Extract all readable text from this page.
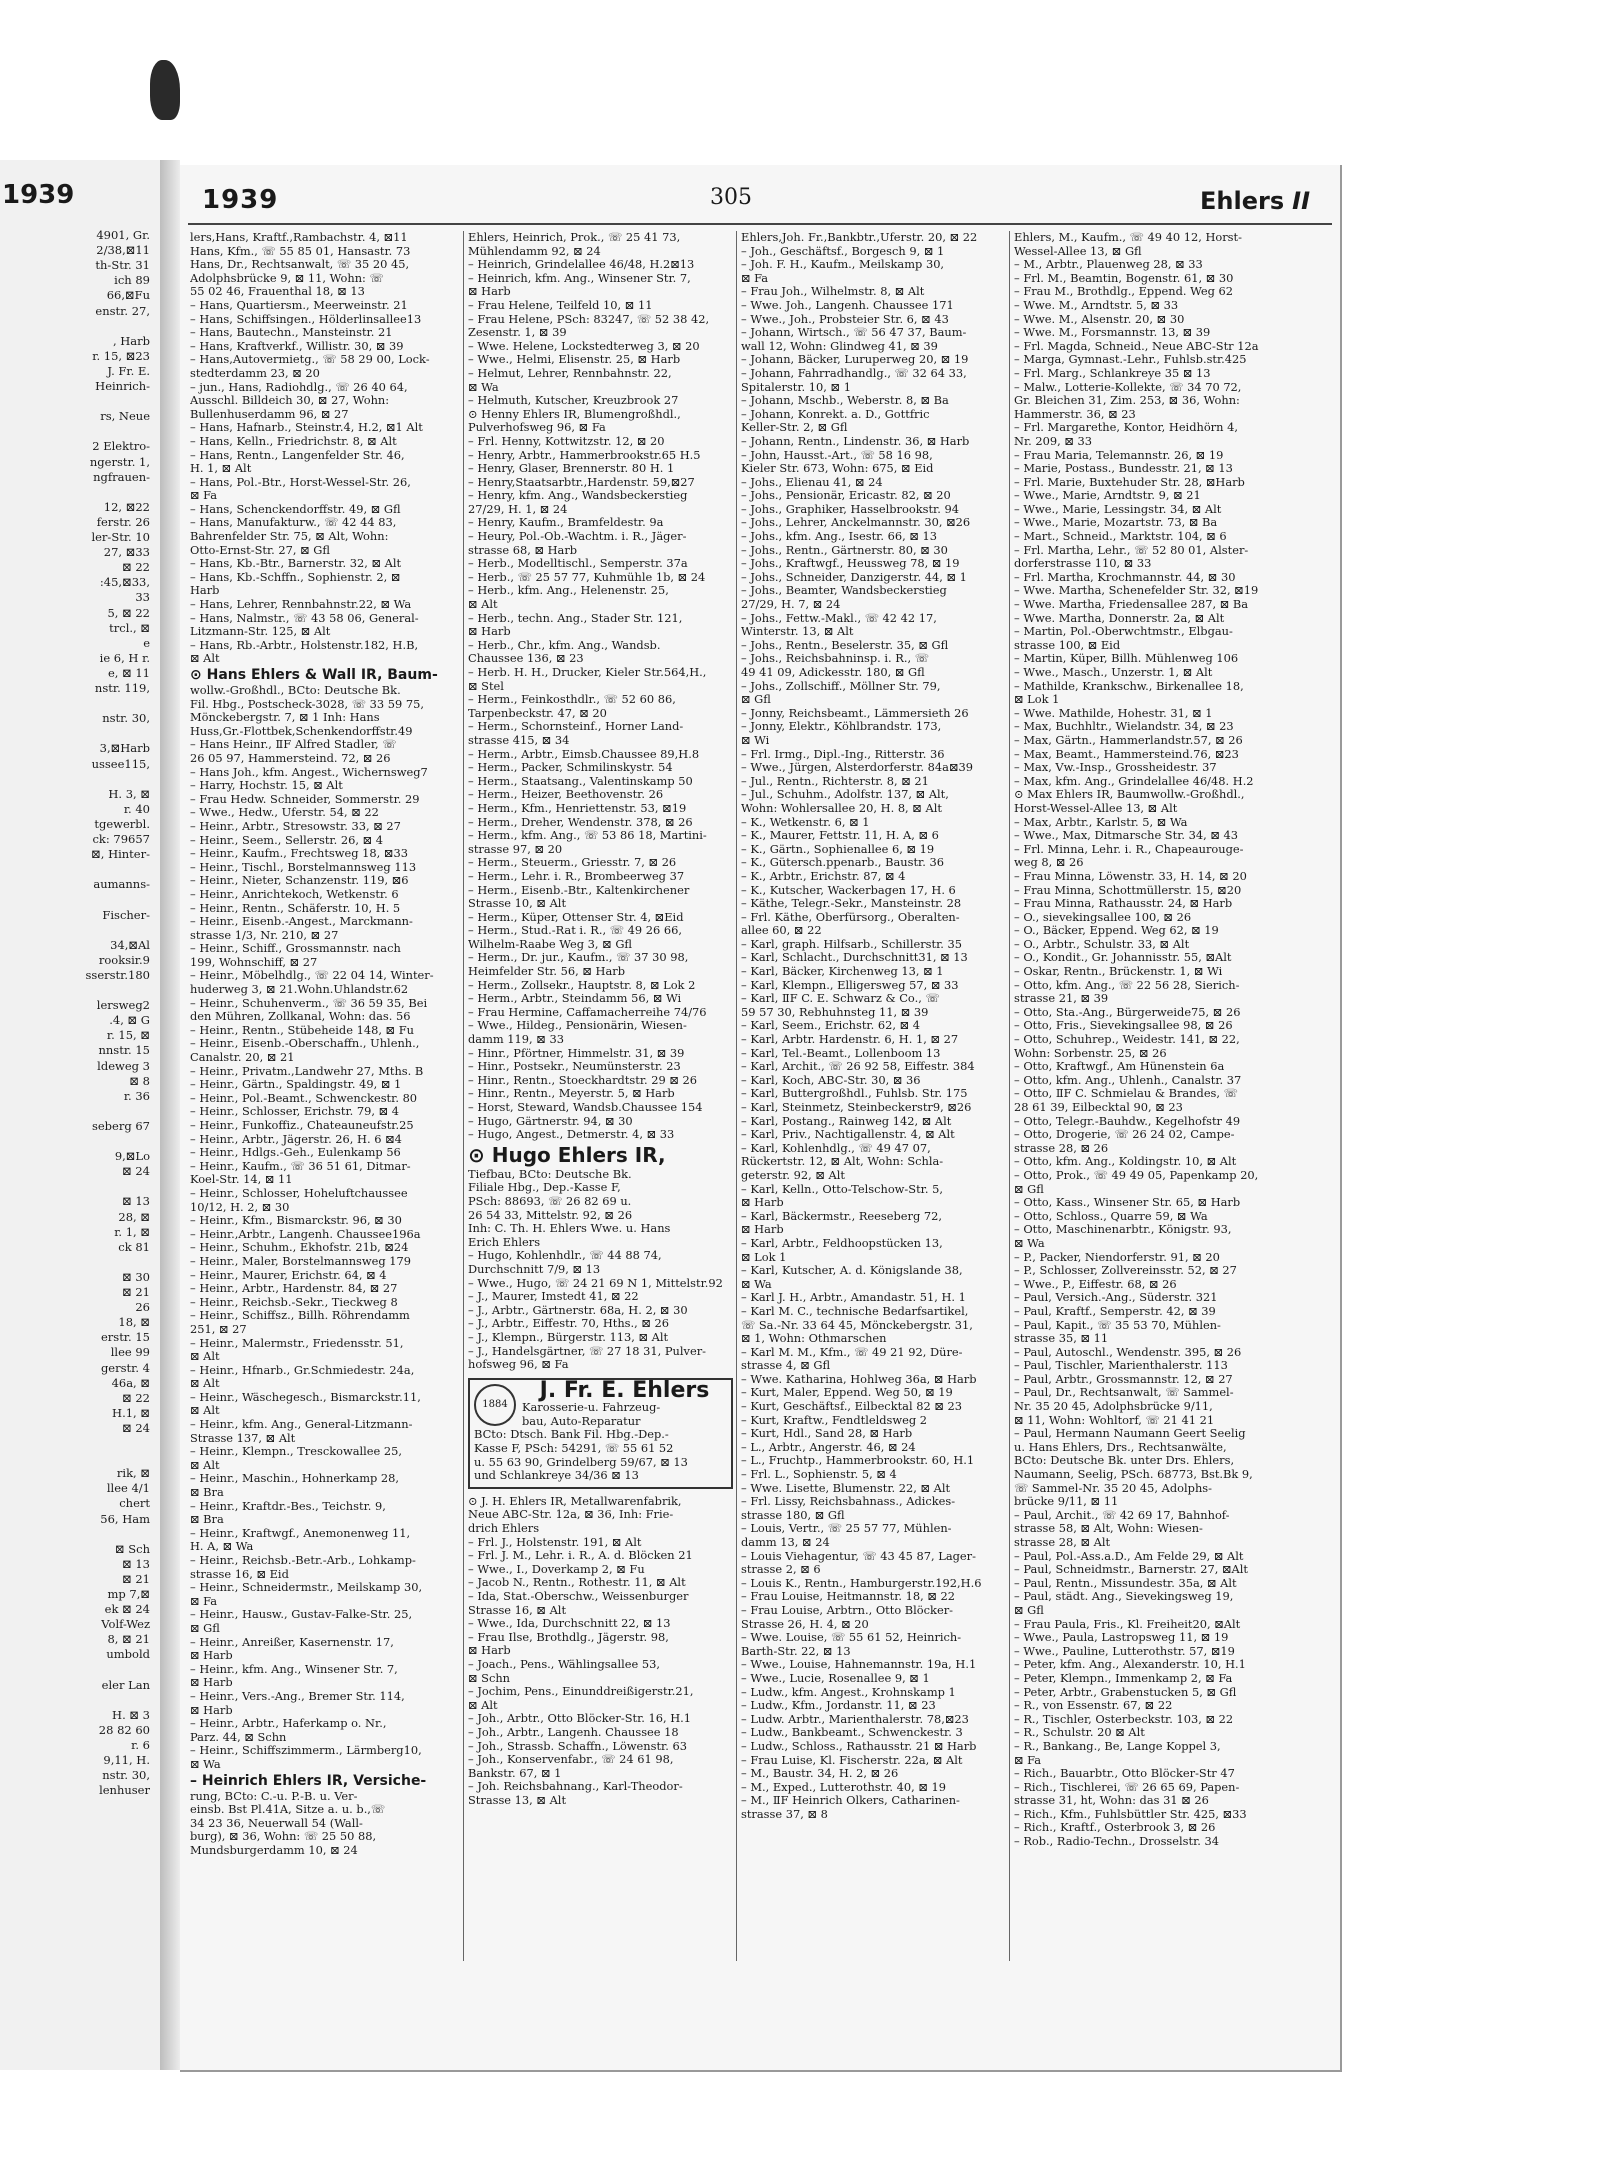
1939
4901, Gr.
2/38,⊠11
th-Str. 31
ich 89
66,⊠Fu
enstr. 27,
, Harb
r. 15, ⊠23
J. Fr. E.
Heinrich-
rs, Neue
2 Elektro-
ngerstr. 1,
ngfrauen-
12, ⊠22
ferstr. 26
ler-Str. 10
27, ⊠33
⊠ 22
:45,⊠33,
33
5, ⊠ 22
trcl., ⊠
e
ie 6, H r.
e, ⊠ 11
nstr. 119,
nstr. 30,
3,⊠Harb
ussee115,
H. 3, ⊠
r. 40
tgewerbl.
ck: 79657
⊠, Hinter-
aumanns-
Fischer-
34,⊠Al
rooksir.9
sserstr.180
lersweg2
.4, ⊠ G
r. 15, ⊠
nnstr. 15
ldeweg 3
⊠ 8
r. 36
seberg 67
9,⊠Lo
⊠ 24
⊠ 13
28, ⊠
r. 1, ⊠
ck 81
⊠ 30
⊠ 21
26
18, ⊠
erstr. 15
llee 99
gerstr. 4
46a, ⊠
⊠ 22
H.1, ⊠
⊠ 24
rik, ⊠
llee 4/1
chert
56, Ham
⊠ Sch
⊠ 13
⊠ 21
mp 7,⊠
ek ⊠ 24
Volf-Wez
8, ⊠ 21
umbold
eler Lan
H. ⊠ 3
28 82 60
r. 6
9,11, H.
nstr. 30,
lenhuser
1939	305	Ehlers II

lers,Hans, Kraftf.,Rambachstr. 4, ⊠11

Hans, Kfm., ☏ 55 85 01, Hansastr. 73

Hans, Dr., Rechtsanwalt, ☏ 35 20 45,

Adolphsbrücke 9, ⊠ 11, Wohn: ☏

55 02 46, Frauenthal 18, ⊠ 13

– Hans, Quartiersm., Meerweinstr. 21

– Hans, Schiffsingen., Hölderlinsallee13

– Hans, Bautechn., Mansteinstr. 21

– Hans, Kraftverkf., Willistr. 30, ⊠ 39

– Hans,Autovermietg., ☏ 58 29 00, Lock-

stedterdamm 23, ⊠ 20

– jun., Hans, Radiohdlg., ☏ 26 40 64,

Ausschl. Billdeich 30, ⊠ 27, Wohn:

Bullenhuserdamm 96, ⊠ 27

– Hans, Hafnarb., Steinstr.4, H.2, ⊠1 Alt

– Hans, Kelln., Friedrichstr. 8, ⊠ Alt

– Hans, Rentn., Langenfelder Str. 46,

H. 1, ⊠ Alt

– Hans, Pol.-Btr., Horst-Wessel-Str. 26,

⊠ Fa

– Hans, Schenckendorffstr. 49, ⊠ Gfl

– Hans, Manufakturw., ☏ 42 44 83,

Bahrenfelder Str. 75, ⊠ Alt, Wohn:

Otto-Ernst-Str. 27, ⊠ Gfl

– Hans, Kb.-Btr., Barnerstr. 32, ⊠ Alt

– Hans, Kb.-Schffn., Sophienstr. 2, ⊠

Harb

– Hans, Lehrer, Rennbahnstr.22, ⊠ Wa

– Hans, Nalmstr., ☏ 43 58 06, General-

Litzmann-Str. 125, ⊠ Alt

– Hans, Rb.-Arbtr., Holstenstr.182, H.B,

⊠ Alt

⊙ Hans Ehlers & Wall IR, Baum-

wollw.-Großhdl., BCto: Deutsche Bk.

Fil. Hbg., Postscheck-3028, ☏ 33 59 75,

Mönckebergstr. 7, ⊠ 1 Inh: Hans

Huss,Gr.-Flottbek,Schenkendorffstr.49

– Hans Heinr., ⅡF Alfred Stadler, ☏

26 05 97, Hammersteind. 72, ⊠ 26

– Hans Joh., kfm. Angest., Wichernsweg7

– Harry, Hochstr. 15, ⊠ Alt

– Frau Hedw. Schneider, Sommerstr. 29

– Wwe., Hedw., Uferstr. 54, ⊠ 22

– Heinr., Arbtr., Stresowstr. 33, ⊠ 27

– Heinr., Seem., Sellerstr. 26, ⊠ 4

– Heinr., Kaufm., Frechtsweg 18, ⊠33

– Heinr., Tischl., Borstelmannsweg 113

– Heinr., Nieter, Schanzenstr. 119, ⊠6

– Heinr., Anrichtekoch, Wetkenstr. 6

– Heinr., Rentn., Schäferstr. 10, H. 5

– Heinr., Eisenb.-Angest., Marckmann-

strasse 1/3, Nr. 210, ⊠ 27

– Heinr., Schiff., Grossmannstr. nach

199, Wohnschiff, ⊠ 27

– Heinr., Möbelhdlg., ☏ 22 04 14, Winter-

huderweg 3, ⊠ 21.Wohn.Uhlandstr.62

– Heinr., Schuhenverm., ☏ 36 59 35, Bei

den Mühren, Zollkanal, Wohn: das. 56

– Heinr., Rentn., Stübeheide 148, ⊠ Fu

– Heinr., Eisenb.-Oberschaffn., Uhlenh.,

Canalstr. 20, ⊠ 21

– Heinr., Privatm.,Landwehr 27, Mths. B

– Heinr., Gärtn., Spaldingstr. 49, ⊠ 1

– Heinr., Pol.-Beamt., Schwenckestr. 80

– Heinr., Schlosser, Erichstr. 79, ⊠ 4

– Heinr., Funkoffiz., Chateauneufstr.25

– Heinr., Arbtr., Jägerstr. 26, H. 6 ⊠4

– Heinr., Hdlgs.-Geh., Eulenkamp 56

– Heinr., Kaufm., ☏ 36 51 61, Ditmar-

Koel-Str. 14, ⊠ 11

– Heinr., Schlosser, Hoheluftchaussee

10/12, H. 2, ⊠ 30

– Heinr., Kfm., Bismarckstr. 96, ⊠ 30

– Heinr.,Arbtr., Langenh. Chaussee196a

– Heinr., Schuhm., Ekhofstr. 21b, ⊠24

– Heinr., Maler, Borstelmannsweg 179

– Heinr., Maurer, Erichstr. 64, ⊠ 4

– Heinr., Arbtr., Hardenstr. 84, ⊠ 27

– Heinr., Reichsb.-Sekr., Tieckweg 8

– Heinr., Schiffsz., Billh. Röhrendamm

251, ⊠ 27

– Heinr., Malermstr., Friedensstr. 51,

⊠ Alt

– Heinr., Hfnarb., Gr.Schmiedestr. 24a,

⊠ Alt

– Heinr., Wäschegesch., Bismarckstr.11,

⊠ Alt

– Heinr., kfm. Ang., General-Litzmann-

Strasse 137, ⊠ Alt

– Heinr., Klempn., Tresckowallee 25,

⊠ Alt

– Heinr., Maschin., Hohnerkamp 28,

⊠ Bra

– Heinr., Kraftdr.-Bes., Teichstr. 9,

⊠ Bra

– Heinr., Kraftwgf., Anemonenweg 11,

H. A, ⊠ Wa

– Heinr., Reichsb.-Betr.-Arb., Lohkamp-

strasse 16, ⊠ Eid

– Heinr., Schneidermstr., Meilskamp 30,

⊠ Fa

– Heinr., Hausw., Gustav-Falke-Str. 25,

⊠ Gfl

– Heinr., Anreißer, Kasernenstr. 17,

⊠ Harb

– Heinr., kfm. Ang., Winsener Str. 7,

⊠ Harb

– Heinr., Vers.-Ang., Bremer Str. 114,

⊠ Harb

– Heinr., Arbtr., Haferkamp o. Nr.,

Parz. 44, ⊠ Schn

– Heinr., Schiffszimmerm., Lärmberg10,

⊠ Wa

– Heinrich Ehlers IR, Versiche-

rung, BCto: C.-u. P.-B. u. Ver-

einsb. Bst Pl.41A, Sitze a. u. b.,☏

34 23 36, Neuerwall 54 (Wall-

burg), ⊠ 36, Wohn: ☏ 25 50 88,

Mundsburgerdamm 10, ⊠ 24

Ehlers, Heinrich, Prok., ☏ 25 41 73,

Mühlendamm 92, ⊠ 24

– Heinrich, Grindelallee 46/48, H.2⊠13

– Heinrich, kfm. Ang., Winsener Str. 7,

⊠ Harb

– Frau Helene, Teilfeld 10, ⊠ 11

– Frau Helene, PSch: 83247, ☏ 52 38 42,

Zesenstr. 1, ⊠ 39

– Wwe. Helene, Lockstedterweg 3, ⊠ 20

– Wwe., Helmi, Elisenstr. 25, ⊠ Harb

– Helmut, Lehrer, Rennbahnstr. 22,

⊠ Wa

– Helmuth, Kutscher, Kreuzbrook 27

⊙ Henny Ehlers IR, Blumengroßhdl.,

Pulverhofsweg 96, ⊠ Fa

– Frl. Henny, Kottwitzstr. 12, ⊠ 20

– Henry, Arbtr., Hammerbrookstr.65 H.5

– Henry, Glaser, Brennerstr. 80 H. 1

– Henry,Staatsarbtr.,Hardenstr. 59,⊠27

– Henry, kfm. Ang., Wandsbeckerstieg

27/29, H. 1, ⊠ 24

– Henry, Kaufm., Bramfeldestr. 9a

– Heury, Pol.-Ob.-Wachtm. i. R., Jäger-

strasse 68, ⊠ Harb

– Herb., Modelltischl., Semperstr. 37a

– Herb., ☏ 25 57 77, Kuhmühle 1b, ⊠ 24

– Herb., kfm. Ang., Helenenstr. 25,

⊠ Alt

– Herb., techn. Ang., Stader Str. 121,

⊠ Harb

– Herb., Chr., kfm. Ang., Wandsb.

Chaussee 136, ⊠ 23

– Herb. H. H., Drucker, Kieler Str.564,H.,

⊠ Stel

– Herm., Feinkosthdlr., ☏ 52 60 86,

Tarpenbeckstr. 47, ⊠ 20

– Herm., Schornsteinf., Horner Land-

strasse 415, ⊠ 34

– Herm., Arbtr., Eimsb.Chaussee 89,H.8

– Herm., Packer, Schmilinskystr. 54

– Herm., Staatsang., Valentinskamp 50

– Herm., Heizer, Beethovenstr. 26

– Herm., Kfm., Henriettenstr. 53, ⊠19

– Herm., Dreher, Wendenstr. 378, ⊠ 26

– Herm., kfm. Ang., ☏ 53 86 18, Martini-

strasse 97, ⊠ 20

– Herm., Steuerm., Griesstr. 7, ⊠ 26

– Herm., Lehr. i. R., Brombeerweg 37

– Herm., Eisenb.-Btr., Kaltenkirchener

Strasse 10, ⊠ Alt

– Herm., Küper, Ottenser Str. 4, ⊠Eid

– Herm., Stud.-Rat i. R., ☏ 49 26 66,

Wilhelm-Raabe Weg 3, ⊠ Gfl

– Herm., Dr. jur., Kaufm., ☏ 37 30 98,

Heimfelder Str. 56, ⊠ Harb

– Herm., Zollsekr., Hauptstr. 8, ⊠ Lok 2

– Herm., Arbtr., Steindamm 56, ⊠ Wi

– Frau Hermine, Caffamacherreihe 74/76

– Wwe., Hildeg., Pensionärin, Wiesen-

damm 119, ⊠ 33

– Hinr., Pförtner, Himmelstr. 31, ⊠ 39

– Hinr., Postsekr., Neumünsterstr. 23

– Hinr., Rentn., Stoeckhardtstr. 29 ⊠ 26

– Hinr., Rentn., Meyerstr. 5, ⊠ Harb

– Horst, Steward, Wandsb.Chaussee 154

– Hugo, Gärtnerstr. 94, ⊠ 30

– Hugo, Angest., Detmerstr. 4, ⊠ 33

⊙ Hugo Ehlers IR,

Tiefbau, BCto: Deutsche Bk.

Filiale Hbg., Dep.-Kasse F,

PSch: 88693, ☏ 26 82 69 u.

26 54 33, Mittelstr. 92, ⊠ 26

Inh: C. Th. H. Ehlers Wwe. u. Hans

Erich Ehlers

– Hugo, Kohlenhdlr., ☏ 44 88 74,

Durchschnitt 7/9, ⊠ 13

– Wwe., Hugo, ☏ 24 21 69 N 1, Mittelstr.92

– J., Maurer, Imstedt 41, ⊠ 22

– J., Arbtr., Gärtnerstr. 68a, H. 2, ⊠ 30

– J., Arbtr., Eiffestr. 70, Hths., ⊠ 26

– J., Klempn., Bürgerstr. 113, ⊠ Alt

– J., Handelsgärtner, ☏ 27 18 31, Pulver-

hofsweg 96, ⊠ Fa

1884
J. Fr. E. Ehlers
Karosserie-u. Fahrzeug-
bau, Auto-Reparatur
BCto: Dtsch. Bank Fil. Hbg.-Dep.-
Kasse F, PSch: 54291, ☏ 55 61 52
u. 55 63 90, Grindelberg 59/67, ⊠ 13
und Schlankreye 34/36 ⊠ 13

⊙ J. H. Ehlers IR, Metallwarenfabrik,

Neue ABC-Str. 12a, ⊠ 36, Inh: Frie-

drich Ehlers

– Frl. J., Holstenstr. 191, ⊠ Alt

– Frl. J. M., Lehr. i. R., A. d. Blöcken 21

– Wwe., I., Doverkamp 2, ⊠ Fu

– Jacob N., Rentn., Rothestr. 11, ⊠ Alt

– Ida, Stat.-Oberschw., Weissenburger

Strasse 16, ⊠ Alt

– Wwe., Ida, Durchschnitt 22, ⊠ 13

– Frau Ilse, Brothdlg., Jägerstr. 98,

⊠ Harb

– Joach., Pens., Wählingsallee 53,

⊠ Schn

– Jochim, Pens., Einunddreißigerstr.21,

⊠ Alt

– Joh., Arbtr., Otto Blöcker-Str. 16, H.1

– Joh., Arbtr., Langenh. Chaussee 18

– Joh., Strassb. Schaffn., Löwenstr. 63

– Joh., Konservenfabr., ☏ 24 61 98,

Bankstr. 67, ⊠ 1

– Joh. Reichsbahnang., Karl-Theodor-

Strasse 13, ⊠ Alt

Ehlers,Joh. Fr.,Bankbtr.,Uferstr. 20, ⊠ 22

– Joh., Geschäftsf., Borgesch 9, ⊠ 1

– Joh. F. H., Kaufm., Meilskamp 30,

⊠ Fa

– Frau Joh., Wilhelmstr. 8, ⊠ Alt

– Wwe. Joh., Langenh. Chaussee 171

– Wwe., Joh., Probsteier Str. 6, ⊠ 43

– Johann, Wirtsch., ☏ 56 47 37, Baum-

wall 12, Wohn: Glindweg 41, ⊠ 39

– Johann, Bäcker, Luruperweg 20, ⊠ 19

– Johann, Fahrradhandlg., ☏ 32 64 33,

Spitalerstr. 10, ⊠ 1

– Johann, Mschb., Weberstr. 8, ⊠ Ba

– Johann, Konrekt. a. D., Gottfric

Keller-Str. 2, ⊠ Gfl

– Johann, Rentn., Lindenstr. 36, ⊠ Harb

– John, Hausst.-Art., ☏ 58 16 98,

Kieler Str. 673, Wohn: 675, ⊠ Eid

– Johs., Elienau 41, ⊠ 24

– Johs., Pensionär, Ericastr. 82, ⊠ 20

– Johs., Graphiker, Hasselbrookstr. 94

– Johs., Lehrer, Anckelmannstr. 30, ⊠26

– Johs., kfm. Ang., Isestr. 66, ⊠ 13

– Johs., Rentn., Gärtnerstr. 80, ⊠ 30

– Johs., Kraftwgf., Heussweg 78, ⊠ 19

– Johs., Schneider, Danzigerstr. 44, ⊠ 1

– Johs., Beamter, Wandsbeckerstieg

27/29, H. 7, ⊠ 24

– Johs., Fettw.-Makl., ☏ 42 42 17,

Winterstr. 13, ⊠ Alt

– Johs., Rentn., Beselerstr. 35, ⊠ Gfl

– Johs., Reichsbahninsp. i. R., ☏

49 41 09, Adickesstr. 180, ⊠ Gfl

– Johs., Zollschiff., Möllner Str. 79,

⊠ Gfl

– Jonny, Reichsbeamt., Lämmersieth 26

– Jonny, Elektr., Köhlbrandstr. 173,

⊠ Wi

– Frl. Irmg., Dipl.-Ing., Ritterstr. 36

– Wwe., Jürgen, Alsterdorferstr. 84a⊠39

– Jul., Rentn., Richterstr. 8, ⊠ 21

– Jul., Schuhm., Adolfstr. 137, ⊠ Alt,

Wohn: Wohlersallee 20, H. 8, ⊠ Alt

– K., Wetkenstr. 6, ⊠ 1

– K., Maurer, Fettstr. 11, H. A, ⊠ 6

– K., Gärtn., Sophienallee 6, ⊠ 19

– K., Gütersch.ppenarb., Baustr. 36

– K., Arbtr., Erichstr. 87, ⊠ 4

– K., Kutscher, Wackerbagen 17, H. 6

– Käthe, Telegr.-Sekr., Mansteinstr. 28

– Frl. Käthe, Oberfürsorg., Oberalten-

allee 60, ⊠ 22

– Karl, graph. Hilfsarb., Schillerstr. 35

– Karl, Schlacht., Durchschnitt31, ⊠ 13

– Karl, Bäcker, Kirchenweg 13, ⊠ 1

– Karl, Klempn., Elligersweg 57, ⊠ 33

– Karl, ⅡF C. E. Schwarz & Co., ☏

59 57 30, Rebhuhnsteg 11, ⊠ 39

– Karl, Seem., Erichstr. 62, ⊠ 4

– Karl, Arbtr. Hardenstr. 6, H. 1, ⊠ 27

– Karl, Tel.-Beamt., Lollenboom 13

– Karl, Archit., ☏ 26 92 58, Eiffestr. 384

– Karl, Koch, ABC-Str. 30, ⊠ 36

– Karl, Buttergroßhdl., Fuhlsb. Str. 175

– Karl, Steinmetz, Steinbeckerstr9, ⊠26

– Karl, Postang., Rainweg 142, ⊠ Alt

– Karl, Priv., Nachtigallenstr. 4, ⊠ Alt

– Karl, Kohlenhdlg., ☏ 49 47 07,

Rückertstr. 12, ⊠ Alt, Wohn: Schla-

geterstr. 92, ⊠ Alt

– Karl, Kelln., Otto-Telschow-Str. 5,

⊠ Harb

– Karl, Bäckermstr., Reeseberg 72,

⊠ Harb

– Karl, Arbtr., Feldhoopstücken 13,

⊠ Lok 1

– Karl, Kutscher, A. d. Königslande 38,

⊠ Wa

– Karl J. H., Arbtr., Amandastr. 51, H. 1

– Karl M. C., technische Bedarfsartikel,

☏ Sa.-Nr. 33 64 45, Mönckebergstr. 31,

⊠ 1, Wohn: Othmarschen

– Karl M. M., Kfm., ☏ 49 21 92, Düre-

strasse 4, ⊠ Gfl

– Wwe. Katharina, Hohlweg 36a, ⊠ Harb

– Kurt, Maler, Eppend. Weg 50, ⊠ 19

– Kurt, Geschäftsf., Eilbecktal 82 ⊠ 23

– Kurt, Kraftw., Fendtleldsweg 2

– Kurt, Hdl., Sand 28, ⊠ Harb

– L., Arbtr., Angerstr. 46, ⊠ 24

– L., Fruchtp., Hammerbrookstr. 60, H.1

– Frl. L., Sophienstr. 5, ⊠ 4

– Wwe. Lisette, Blumenstr. 22, ⊠ Alt

– Frl. Lissy, Reichsbahnass., Adickes-

strasse 180, ⊠ Gfl

– Louis, Vertr., ☏ 25 57 77, Mühlen-

damm 13, ⊠ 24

– Louis Viehagentur, ☏ 43 45 87, Lager-

strasse 2, ⊠ 6

– Louis K., Rentn., Hamburgerstr.192,H.6

– Frau Louise, Heitmannstr. 18, ⊠ 22

– Frau Louise, Arbtrn., Otto Blöcker-

Strasse 26, H. 4, ⊠ 20

– Wwe. Louise, ☏ 55 61 52, Heinrich-

Barth-Str. 22, ⊠ 13

– Wwe., Louise, Hahnemannstr. 19a, H.1

– Wwe., Lucie, Rosenallee 9, ⊠ 1

– Ludw., kfm. Angest., Krohnskamp 1

– Ludw., Kfm., Jordanstr. 11, ⊠ 23

– Ludw. Arbtr., Marienthalerstr. 78,⊠23

– Ludw., Bankbeamt., Schwenckestr. 3

– Ludw., Schloss., Rathausstr. 21 ⊠ Harb

– Frau Luise, Kl. Fischerstr. 22a, ⊠ Alt

– M., Baustr. 34, H. 2, ⊠ 26

– M., Exped., Lutterothstr. 40, ⊠ 19

– M., ⅡF Heinrich Olkers, Catharinen-

strasse 37, ⊠ 8

Ehlers, M., Kaufm., ☏ 49 40 12, Horst-

Wessel-Allee 13, ⊠ Gfl

– M., Arbtr., Plauenweg 28, ⊠ 33

– Frl. M., Beamtin, Bogenstr. 61, ⊠ 30

– Frau M., Brothdlg., Eppend. Weg 62

– Wwe. M., Arndtstr. 5, ⊠ 33

– Wwe. M., Alsenstr. 20, ⊠ 30

– Wwe. M., Forsmannstr. 13, ⊠ 39

– Frl. Magda, Schneid., Neue ABC-Str 12a

– Marga, Gymnast.-Lehr., Fuhlsb.str.425

– Frl. Marg., Schlankreye 35 ⊠ 13

– Malw., Lotterie-Kollekte, ☏ 34 70 72,

Gr. Bleichen 31, Zim. 253, ⊠ 36, Wohn:

Hammerstr. 36, ⊠ 23

– Frl. Margarethe, Kontor, Heidhörn 4,

Nr. 209, ⊠ 33

– Frau Maria, Telemannstr. 26, ⊠ 19

– Marie, Postass., Bundesstr. 21, ⊠ 13

– Frl. Marie, Buxtehuder Str. 28, ⊠Harb

– Wwe., Marie, Arndtstr. 9, ⊠ 21

– Wwe., Marie, Lessingstr. 34, ⊠ Alt

– Wwe., Marie, Mozartstr. 73, ⊠ Ba

– Mart., Schneid., Marktstr. 104, ⊠ 6

– Frl. Martha, Lehr., ☏ 52 80 01, Alster-

dorferstrasse 110, ⊠ 33

– Frl. Martha, Krochmannstr. 44, ⊠ 30

– Wwe. Martha, Schenefelder Str. 32, ⊠19

– Wwe. Martha, Friedensallee 287, ⊠ Ba

– Wwe. Martha, Donnerstr. 2a, ⊠ Alt

– Martin, Pol.-Oberwchtmstr., Elbgau-

strasse 100, ⊠ Eid

– Martin, Küper, Billh. Mühlenweg 106

– Wwe., Masch., Unzerstr. 1, ⊠ Alt

– Mathilde, Krankschw., Birkenallee 18,

⊠ Lok 1

– Wwe. Mathilde, Hohestr. 31, ⊠ 1

– Max, Buchhltr., Wielandstr. 34, ⊠ 23

– Max, Gärtn., Hammerlandstr.57, ⊠ 26

– Max, Beamt., Hammersteind.76, ⊠23

– Max, Vw.-Insp., Grossheidestr. 37

– Max, kfm. Ang., Grindelallee 46/48. H.2

⊙ Max Ehlers IR, Baumwollw.-Großhdl.,

Horst-Wessel-Allee 13, ⊠ Alt

– Max, Arbtr., Karlstr. 5, ⊠ Wa

– Wwe., Max, Ditmarsche Str. 34, ⊠ 43

– Frl. Minna, Lehr. i. R., Chapeaurouge-

weg 8, ⊠ 26

– Frau Minna, Löwenstr. 33, H. 14, ⊠ 20

– Frau Minna, Schottmüllerstr. 15, ⊠20

– Frau Minna, Rathausstr. 24, ⊠ Harb

– O., sievekingsallee 100, ⊠ 26

– O., Bäcker, Eppend. Weg 62, ⊠ 19

– O., Arbtr., Schulstr. 33, ⊠ Alt

– O., Kondit., Gr. Johannisstr. 55, ⊠Alt

– Oskar, Rentn., Brückenstr. 1, ⊠ Wi

– Otto, kfm. Ang., ☏ 22 56 28, Sierich-

strasse 21, ⊠ 39

– Otto, Sta.-Ang., Bürgerweide75, ⊠ 26

– Otto, Fris., Sievekingsallee 98, ⊠ 26

– Otto, Schuhrep., Weidestr. 141, ⊠ 22,

Wohn: Sorbenstr. 25, ⊠ 26

– Otto, Kraftwgf., Am Hünenstein 6a

– Otto, kfm. Ang., Uhlenh., Canalstr. 37

– Otto, ⅡF C. Schmielau & Brandes, ☏

28 61 39, Eilbecktal 90, ⊠ 23

– Otto, Telegr.-Bauhdw., Kegelhofstr 49

– Otto, Drogerie, ☏ 26 24 02, Campe-

strasse 28, ⊠ 26

– Otto, kfm. Ang., Koldingstr. 10, ⊠ Alt

– Otto, Prok., ☏ 49 49 05, Papenkamp 20,

⊠ Gfl

– Otto, Kass., Winsener Str. 65, ⊠ Harb

– Otto, Schloss., Quarre 59, ⊠ Wa

– Otto, Maschinenarbtr., Königstr. 93,

⊠ Wa

– P., Packer, Niendorferstr. 91, ⊠ 20

– P., Schlosser, Zollvereinsstr. 52, ⊠ 27

– Wwe., P., Eiffestr. 68, ⊠ 26

– Paul, Versich.-Ang., Süderstr. 321

– Paul, Kraftf., Semperstr. 42, ⊠ 39

– Paul, Kapit., ☏ 35 53 70, Mühlen-

strasse 35, ⊠ 11

– Paul, Autoschl., Wendenstr. 395, ⊠ 26

– Paul, Tischler, Marienthalerstr. 113

– Paul, Arbtr., Grossmannstr. 12, ⊠ 27

– Paul, Dr., Rechtsanwalt, ☏ Sammel-

Nr. 35 20 45, Adolphsbrücke 9/11,

⊠ 11, Wohn: Wohltorf, ☏ 21 41 21

– Paul, Hermann Naumann Geert Seelig

u. Hans Ehlers, Drs., Rechtsanwälte,

BCto: Deutsche Bk. unter Drs. Ehlers,

Naumann, Seelig, PSch. 68773, Bst.Bk 9,

☏ Sammel-Nr. 35 20 45, Adolphs-

brücke 9/11, ⊠ 11

– Paul, Archit., ☏ 42 69 17, Bahnhof-

strasse 58, ⊠ Alt, Wohn: Wiesen-

strasse 28, ⊠ Alt

– Paul, Pol.-Ass.a.D., Am Felde 29, ⊠ Alt

– Paul, Schneidmstr., Barnerstr. 27, ⊠Alt

– Paul, Rentn., Missundestr. 35a, ⊠ Alt

– Paul, städt. Ang., Sievekingsweg 19,

⊠ Gfl

– Frau Paula, Fris., Kl. Freiheit20, ⊠Alt

– Wwe., Paula, Lastropsweg 11, ⊠ 19

– Wwe., Pauline, Lutterothstr. 57, ⊠19

– Peter, kfm. Ang., Alexanderstr. 10, H.1

– Peter, Klempn., Immenkamp 2, ⊠ Fa

– Peter, Arbtr., Grabenstucken 5, ⊠ Gfl

– R., von Essenstr. 67, ⊠ 22

– R., Tischler, Osterbeckstr. 103, ⊠ 22

– R., Schulstr. 20 ⊠ Alt

– R., Bankang., Be, Lange Koppel 3,

⊠ Fa

– Rich., Bauarbtr., Otto Blöcker-Str 47

– Rich., Tischlerei, ☏ 26 65 69, Papen-

strasse 31, ht, Wohn: das 31 ⊠ 26

– Rich., Kfm., Fuhlsbüttler Str. 425, ⊠33

– Rich., Kraftf., Osterbrook 3, ⊠ 26

– Rob., Radio-Techn., Drosselstr. 34
